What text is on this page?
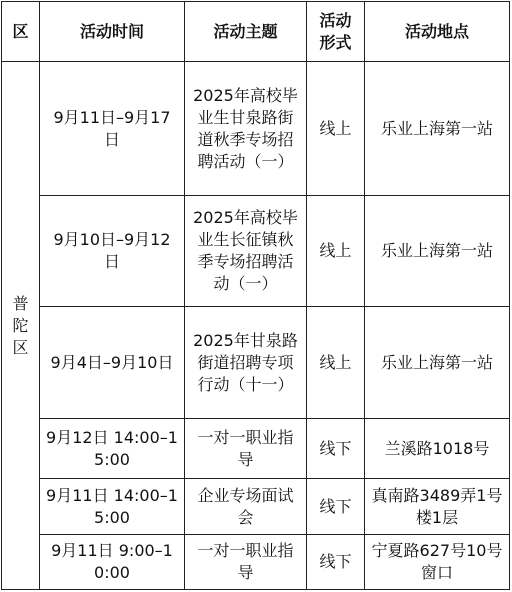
区	活动时间	活动主题	活动形式	活动地点
普陀区	9月11日–9月17日	2025年高校毕业生甘泉路街道秋季专场招聘活动（一）	线上	乐业上海第一站
	9月10日–9月12日	2025年高校毕业生长征镇秋季专场招聘活动（一）	线上	乐业上海第一站
	9月4日–9月10日	2025年甘泉路街道招聘专项行动（十一）	线上	乐业上海第一站
	9月12日 14:00–15:00	一对一职业指导	线下	兰溪路1018号
	9月11日 14:00–15:00	企业专场面试会	线下	真南路3489弄1号楼1层
	9月11日 9:00–10:00	一对一职业指导	线下	宁夏路627号10号窗口
